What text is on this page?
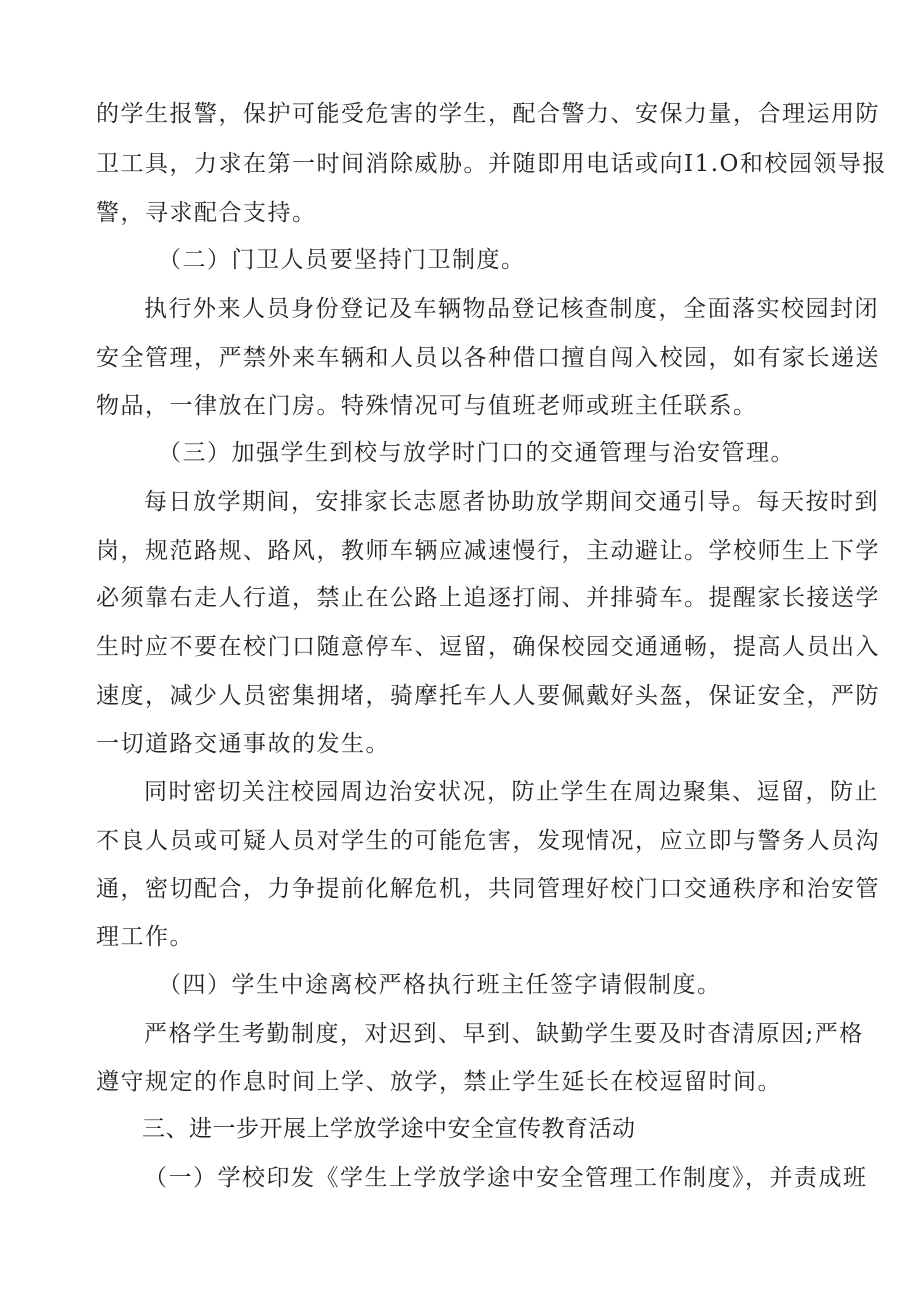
的学生报警，保护可能受危害的学生，配合警力、安保力量，合理运用防
卫工具，力求在第一时间消除威胁。并随即用电话或向I1.O和校园领导报
警，寻求配合支持。
（二）门卫人员要坚持门卫制度。
执行外来人员身份登记及车辆物品登记核查制度，全面落实校园封闭
安全管理，严禁外来车辆和人员以各种借口擅自闯入校园，如有家长递送
物品，一律放在门房。特殊情况可与值班老师或班主任联系。
（三）加强学生到校与放学时门口的交通管理与治安管理。
每日放学期间，安排家长志愿者协助放学期间交通引导。每天按时到
岗，规范路规、路风，教师车辆应减速慢行，主动避让。学校师生上下学
必须靠右走人行道，禁止在公路上追逐打闹、并排骑车。提醒家长接送学
生时应不要在校门口随意停车、逗留，确保校园交通通畅，提高人员出入
速度，减少人员密集拥堵，骑摩托车人人要佩戴好头盔，保证安全，严防
一切道路交通事故的发生。
同时密切关注校园周边治安状况，防止学生在周边聚集、逗留，防止
不良人员或可疑人员对学生的可能危害，发现情况，应立即与警务人员沟
通，密切配合，力争提前化解危机，共同管理好校门口交通秩序和治安管
理工作。
（四）学生中途离校严格执行班主任签字请假制度。
严格学生考勤制度，对迟到、早到、缺勤学生要及时杳清原因;严格
遵守规定的作息时间上学、放学，禁止学生延长在校逗留时间。
三、进一步开展上学放学途中安全宣传教育活动
（一）学校印发《学生上学放学途中安全管理工作制度》，并责成班
